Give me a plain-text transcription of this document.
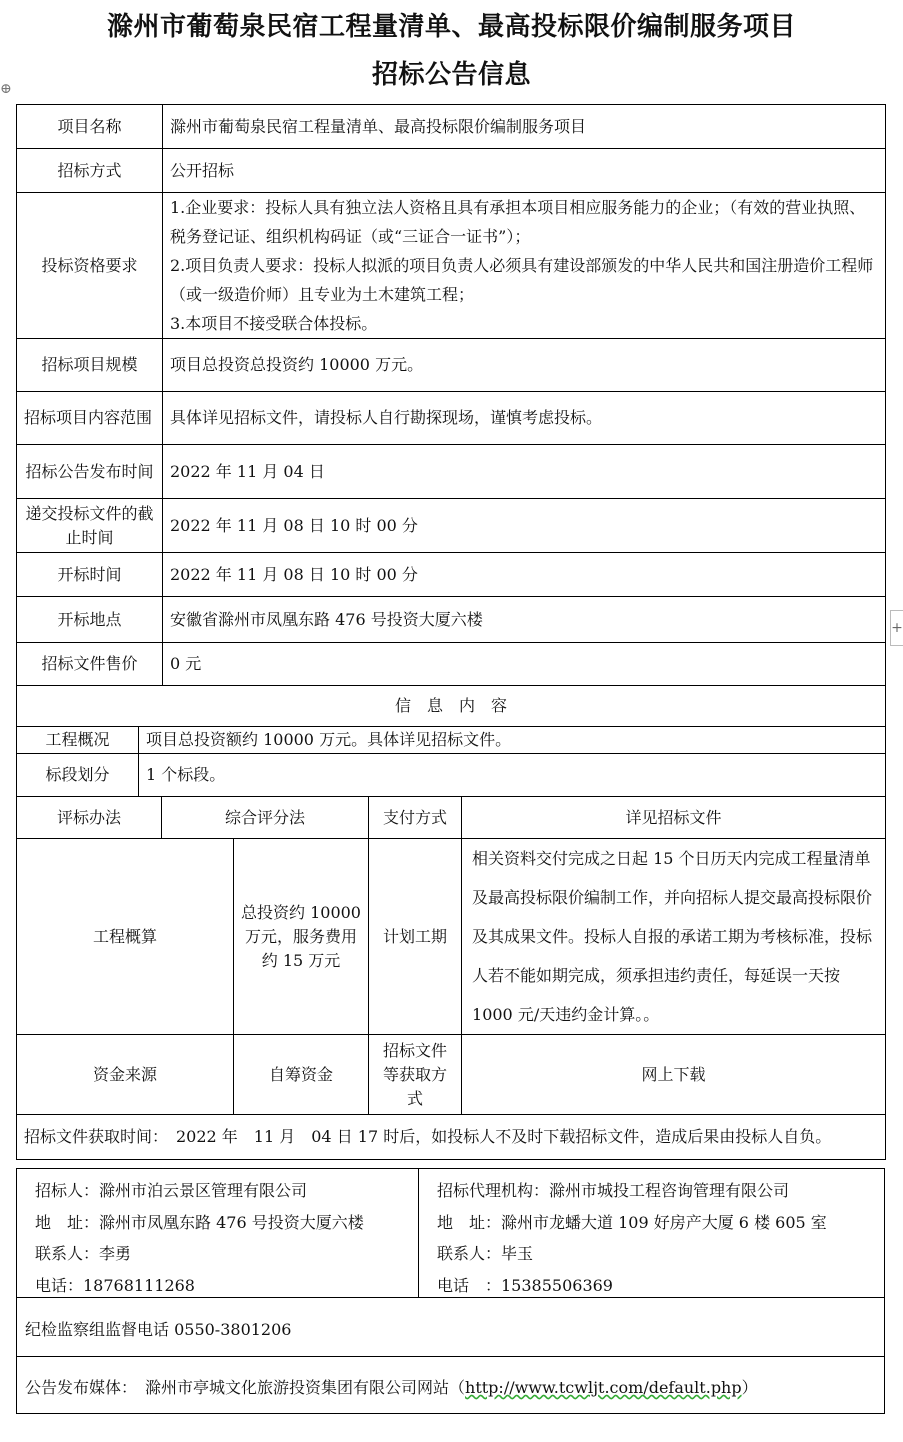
滁州市葡萄泉民宿工程量清单、最高投标限价编制服务项目
招标公告信息
⊕
+
项目名称	滁州市葡萄泉民宿工程量清单、最高投标限价编制服务项目
招标方式	公开招标
投标资格要求	1.企业要求：投标人具有独立法人资格且具有承担本项目相应服务能力的企业；（有效的营业执照、税务登记证、组织机构码证（或“三证合一证书”）；
2.项目负责人要求：投标人拟派的项目负责人必须具有建设部颁发的中华人民共和国注册造价工程师（或一级造价师）且专业为土木建筑工程；
3.本项目不接受联合体投标。

招标项目规模	项目总投资总投资约 10000 万元。
招标项目内容范围	具体详见招标文件，请投标人自行勘探现场，谨慎考虑投标。
招标公告发布时间	2022 年 11 月 04 日
递交投标文件的截止时间	2022 年 11 月 08 日 10 时 00 分
开标时间	2022 年 11 月 08 日 10 时 00 分
开标地点	安徽省滁州市凤凰东路 476 号投资大厦六楼
招标文件售价	0 元
信　息　内　容	
工程概况	项目总投资额约 10000 万元。具体详见招标文件。
标段划分	1 个标段。
评标办法	综合评分法		支付方式	详见招标文件
工程概算		总投资约 10000 万元，服务费用约 15 万元	计划工期	相关资料交付完成之日起 15 个日历天内完成工程量清单及最高投标限价编制工作，并向招标人提交最高投标限价及其成果文件。投标人自报的承诺工期为考核标准，投标人若不能如期完成，须承担违约责任，每延误一天按 1000 元/天违约金计算。。
资金来源		自筹资金	招标文件等获取方式	网上下载
招标文件获取时间：　2022 年　11 月　04 日 17 时后，如投标人不及时下载招标文件，造成后果由投标人自负。				
招标人：滁州市泊云景区管理有限公司
地　址：滁州市凤凰东路 476 号投资大厦六楼
联系人：李勇
电话：18768111268
招标代理机构：滁州市城投工程咨询管理有限公司
地　址：滁州市龙蟠大道 109 好房产大厦 6 楼 605 室
联系人：毕玉
电话　：15385506369
纪检监察组监督电话 0550-3801206
公告发布媒体：　滁州市亭城文化旅游投资集团有限公司网站（http://www.tcwljt.com/default.php）
